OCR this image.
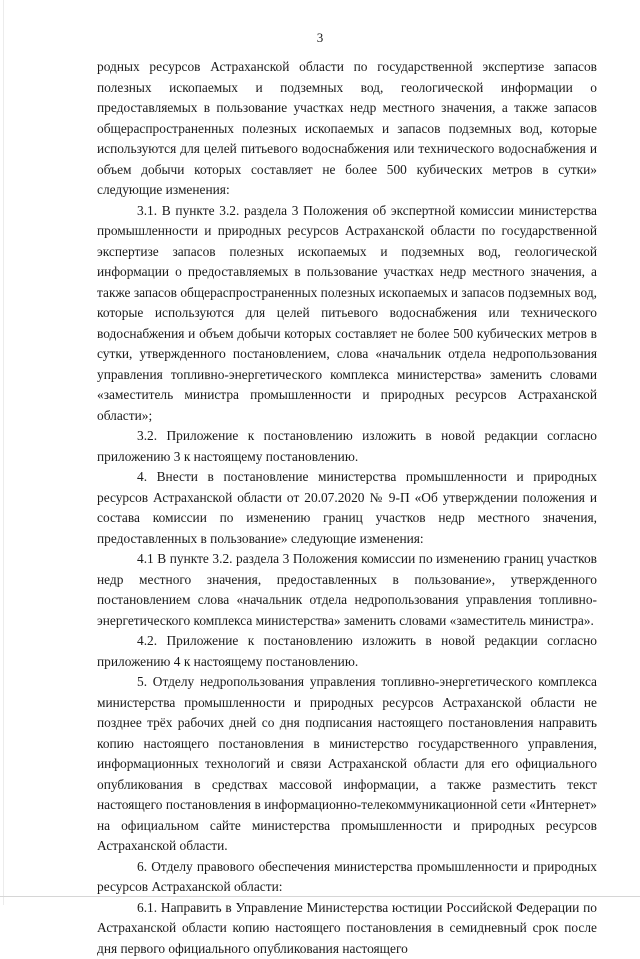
3

родных ресурсов Астраханской области по государственной экспертизе запасов полезных ископаемых и подземных вод, геологической информации о предоставляемых в пользование участках недр местного значения, а также запасов общераспространенных полезных ископаемых и запасов подземных вод, которые используются для целей питьевого водоснабжения или технического водоснабжения и объем добычи которых составляет не более 500 кубических метров в сутки» следующие изменения:

3.1. В пункте 3.2. раздела 3 Положения об экспертной комиссии министерства промышленности и природных ресурсов Астраханской области по государственной экспертизе запасов полезных ископаемых и подземных вод, геологической информации о предоставляемых в пользование участках недр местного значения, а также запасов общераспространенных полезных ископаемых и запасов подземных вод, которые используются для целей питьевого водоснабжения или технического водоснабжения и объем добычи которых составляет не более 500 кубических метров в сутки, утвержденного постановлением, слова «начальник отдела недропользования управления топливно-энергетического комплекса министерства» заменить словами «заместитель министра промышленности и природных ресурсов Астраханской области»;

3.2. Приложение к постановлению изложить в новой редакции согласно приложению 3 к настоящему постановлению.

4. Внести в постановление министерства промышленности и природных ресурсов Астраханской области от 20.07.2020 № 9-П «Об утверждении положения и состава комиссии по изменению границ участков недр местного значения, предоставленных в пользование» следующие изменения:

4.1 В пункте 3.2. раздела 3 Положения комиссии по изменению границ участков недр местного значения, предоставленных в пользование», утвержденного постановлением слова «начальник отдела недропользования управления топливно-энергетического комплекса министерства» заменить словами «заместитель министра».

4.2. Приложение к постановлению изложить в новой редакции согласно приложению 4 к настоящему постановлению.

5. Отделу недропользования управления топливно-энергетического комплекса министерства промышленности и природных ресурсов Астраханской области не позднее трёх рабочих дней со дня подписания настоящего постановления направить копию настоящего постановления в министерство государственного управления, информационных технологий и связи Астраханской области для его официального опубликования в средствах массовой информации, а также разместить текст настоящего постановления в информационно-телекоммуникационной сети «Интернет» на официальном сайте министерства промышленности и природных ресурсов Астраханской области.

6. Отделу правового обеспечения министерства промышленности и природных ресурсов Астраханской области:

6.1. Направить в Управление Министерства юстиции Российской Федерации по Астраханской области копию настоящего постановления в семидневный срок после дня первого официального опубликования настоящего
